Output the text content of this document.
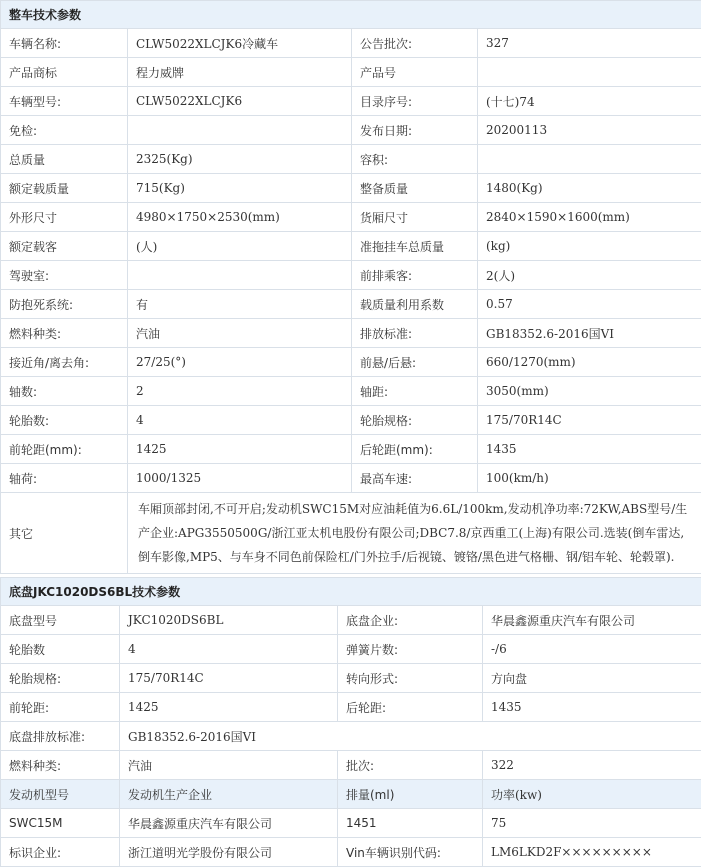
整车技术参数			
车辆名称:	CLW5022XLCJK6冷藏车	公告批次:	327
产品商标	程力威牌	产品号	
车辆型号:	CLW5022XLCJK6	目录序号:	(十七)74
免检:		发布日期:	20200113
总质量	2325(Kg)	容积:	
额定载质量	715(Kg)	整备质量	1480(Kg)
外形尺寸	4980×1750×2530(mm)	货厢尺寸	2840×1590×1600(mm)
额定载客	(人)	准拖挂车总质量	(kg)
驾驶室:		前排乘客:	2(人)
防抱死系统:	有	载质量利用系数	0.57
燃料种类:	汽油	排放标准:	GB18352.6-2016国VI
接近角/离去角:	27/25(°)	前悬/后悬:	660/1270(mm)
轴数:	2	轴距:	3050(mm)
轮胎数:	4	轮胎规格:	175/70R14C
前轮距(mm):	1425	后轮距(mm):	1435
轴荷:	1000/1325	最高车速:	100(km/h)
其它	车厢顶部封闭,不可开启;发动机SWC15M对应油耗值为6.6L/100km,发动机净功率:72KW,ABS型号/生产企业:APG3550500G/浙江亚太机电股份有限公司;DBC7.8/京西重工(上海)有限公司.选装(倒车雷达,倒车影像,MP5、与车身不同色前保险杠/门外拉手/后视镜、镀铬/黑色进气格栅、钢/铝车轮、轮毂罩).		
底盘JKC1020DS6BL技术参数			
底盘型号	JKC1020DS6BL	底盘企业:	华晨鑫源重庆汽车有限公司
轮胎数	4	弹簧片数:	-/6
轮胎规格:	175/70R14C	转向形式:	方向盘
前轮距:	1425	后轮距:	1435
底盘排放标准:	GB18352.6-2016国VI		
燃料种类:	汽油	批次:	322
发动机型号	发动机生产企业	排量(ml)	功率(kw)
SWC15M	华晨鑫源重庆汽车有限公司	1451	75
标识企业:	浙江道明光学股份有限公司	Vin车辆识别代码:	LM6LKD2F×××××××××
